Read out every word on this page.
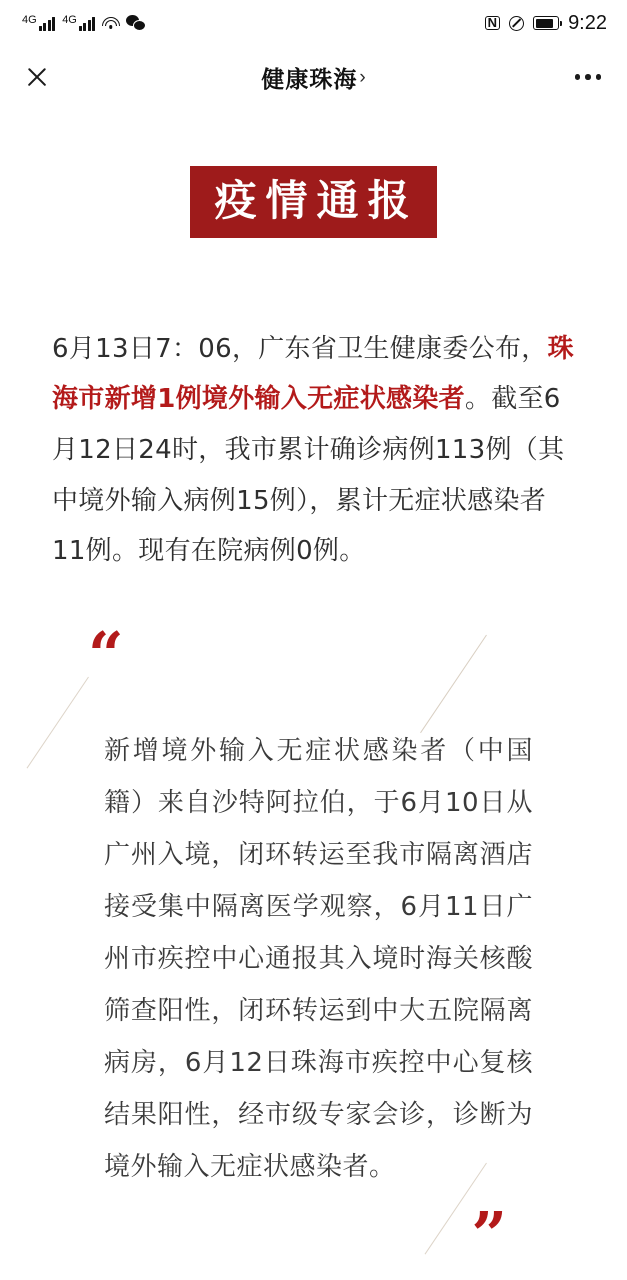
4G 4G	N	9:22
健康珠海 ›
疫情通报

6月13日7：06，广东省卫生健康委公布，珠海市新增1例境外输入无症状感染者。截至6月12日24时，我市累计确诊病例113例（其中境外输入病例15例），累计无症状感染者11例。现有在院病例0例。

“

新增境外输入无症状感染者（中国籍）来自沙特阿拉伯，于6月10日从广州入境，闭环转运至我市隔离酒店接受集中隔离医学观察，6月11日广州市疾控中心通报其入境时海关核酸筛查阳性，闭环转运到中大五院隔离病房，6月12日珠海市疾控中心复核结果阳性，经市级专家会诊，诊断为境外输入无症状感染者。

”
